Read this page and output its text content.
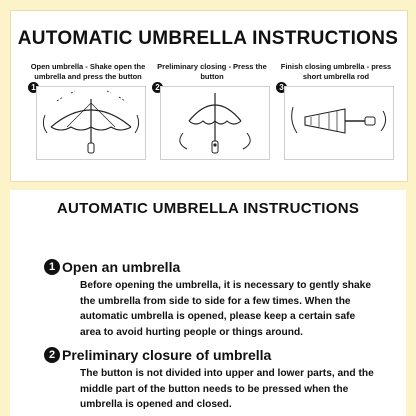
AUTOMATIC UMBRELLA INSTRUCTIONS
Open umbrella - Shake open the umbrella and press the button
1
Preliminary closing - Press the button
2
Finish closing umbrella - press short umbrella rod
3
AUTOMATIC UMBRELLA INSTRUCTIONS
1 Open an umbrella
Before opening the umbrella, it is necessary to gently shake the umbrella from side to side for a few times. When the automatic umbrella is opened, please keep a certain safe area to avoid hurting people or things around.
2 Preliminary closure of umbrella
The button is not divided into upper and lower parts, and the middle part of the button needs to be pressed when the umbrella is opened and closed.
